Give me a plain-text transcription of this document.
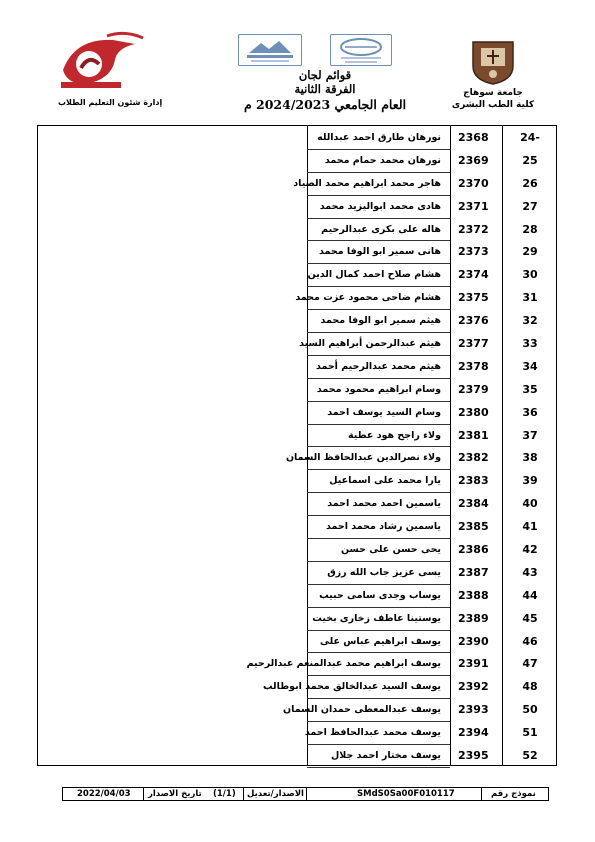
إدارة شئون التعليم الطلاب
قوائم لجان
الفرقة الثانية
العام الجامعي 2024/2023 م
جامعة سوهاج
كلية الطب البشرى
نورهان طارق احمد عبدالله 2368	24-
نورهان محمد حمام محمد 2369	25
هاجر محمد ابراهيم محمد الصياد 2370	26
هادى محمد ابواليزيد محمد 2371	27
هاله على بكرى عبدالرحيم 2372	28
هانى سمير ابو الوفا محمد 2373	29
هشام صلاح احمد كمال الدين 2374	30
هشام ضاحى محمود عزت محمد 2375	31
هيثم سمير ابو الوفا محمد 2376	32
هيثم عبدالرحمن أبراهيم السيد 2377	33
هيثم محمد عبدالرحيم أحمد 2378	34
وسام ابراهيم محمود محمد 2379	35
وسام السيد يوسف احمد 2380	36
ولاء راجح هود عطية 2381	37
ولاء نصرالدين عبدالحافظ السمان 2382	38
يارا محمد على اسماعيل 2383	39
ياسمين احمد محمد احمد 2384	40
ياسمين رشاد محمد احمد 2385	41
يحى حسن على حسن 2386	42
يسى عزيز جاب الله رزق 2387	43
يوساب وجدى سامى حبيب 2388	44
يوستينا عاطف زخارى بخيت 2389	45
يوسف ابراهيم عباس على 2390	46
يوسف ابراهيم محمد عبدالمنعم عبدالرحيم 2391	47
يوسف السيد عبدالخالق محمد ابوطالب 2392	48
يوسف عبدالمعطى حمدان السمان 2393	50
يوسف محمد عبدالحافظ احمد 2394	51
يوسف مختار احمد جلال 2395	52
2022/04/03 تاريخ الاصدار (1/1) الاصدار/تعديل	SMdS0Sa00F010117	نموذج رقم
